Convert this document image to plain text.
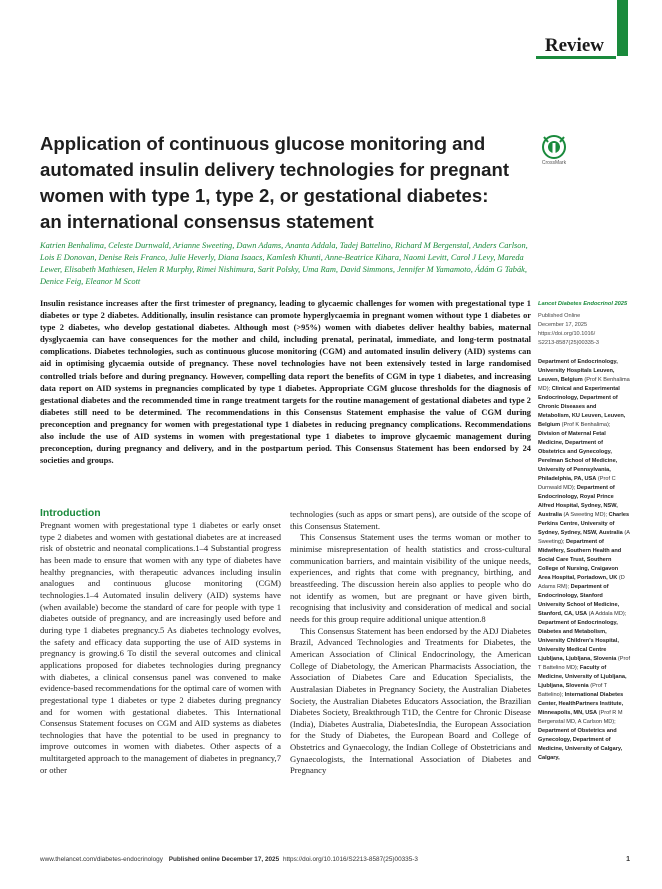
Review
Application of continuous glucose monitoring and automated insulin delivery technologies for pregnant women with type 1, type 2, or gestational diabetes: an international consensus statement
CrossMark
Katrien Benhalima, Celeste Durnwald, Arianne Sweeting, Dawn Adams, Ananta Addala, Tadej Battelino, Richard M Bergenstal, Anders Carlson, Lois E Donovan, Denise Reis Franco, Julie Heverly, Diana Isaacs, Kamlesh Khunti, Anne-Beatrice Kihara, Naomi Levitt, Carol J Levy, Mareda Lewer, Elisabeth Mathiesen, Helen R Murphy, Rimei Nishimura, Sarit Polsky, Uma Ram, David Simmons, Jennifer M Yamamoto, Ádám G Tabák, Denice Feig, Eleanor M Scott
Insulin resistance increases after the first trimester of pregnancy, leading to glycaemic challenges for women with pregestational type 1 diabetes or type 2 diabetes. Additionally, insulin resistance can promote hyperglycaemia in pregnant women without type 1 diabetes or type 2 diabetes, who develop gestational diabetes. Although most (>95%) women with diabetes deliver healthy babies, maternal dysglycaemia can have consequences for the mother and child, including prenatal, perinatal, immediate, and long-term postnatal complications. Diabetes technologies, such as continuous glucose monitoring (CGM) and automated insulin delivery (AID) systems can aid in optimising glycaemia outside of pregnancy. These novel technologies have not been extensively tested in large randomised controlled trials before and during pregnancy. However, compelling data report the benefits of CGM in type 1 diabetes, and increasing data report on AID systems in pregnancies complicated by type 1 diabetes. Appropriate CGM glucose thresholds for the diagnosis of gestational diabetes and the recommended time in range treatment targets for the routine management of gestational diabetes and type 2 diabetes still need to be determined. The recommendations in this Consensus Statement emphasise the value of CGM during preconception and pregnancy for women with pregestational type 1 diabetes in reducing pregnancy complications. Recommendations also include the use of AID systems in women with pregestational type 1 diabetes to improve glycaemic management during preconception, during pregnancy and delivery, and in the postpartum period. This Consensus Statement has been endorsed by 24 societies and groups.
Lancet Diabetes Endocrinol 2025
Published Online
December 17, 2025
https://doi.org/10.1016/
S2213-8587(25)00335-3
Department of Endocrinology, University Hospitals Leuven, Leuven, Belgium (Prof K Benhalima MD); Clinical and Experimental Endocrinology, Department of Chronic Diseases and Metabolism, KU Leuven, Leuven, Belgium (Prof K Benhalima); Division of Maternal Fetal Medicine, Department of Obstetrics and Gynecology, Perelman School of Medicine, University of Pennsylvania, Philadelphia, PA, USA (Prof C Durnwald MD); Department of Endocrinology, Royal Prince Alfred Hospital, Sydney, NSW, Australia (A Sweeting MD); Charles Perkins Centre, University of Sydney, Sydney, NSW, Australia (A Sweeting); Department of Midwifery, Southern Health and Social Care Trust, Southern College of Nursing, Craigavon Area Hospital, Portadown, UK (D Adams RM); Department of Endocrinology, Stanford University School of Medicine, Stanford, CA, USA (A Addala MD); Department of Endocrinology, Diabetes and Metabolism, University Children's Hospital, University Medical Centre Ljubljana, Ljubljana, Slovenia (Prof T Battelino MD); Faculty of Medicine, University of Ljubljana, Ljubljana, Slovenia (Prof T Battelino); International Diabetes Center, HealthPartners Institute, Minneapolis, MN, USA (Prof R M Bergenstal MD, A Carlson MD); Department of Obstetrics and Gynecology, Department of Medicine, University of Calgary, Calgary,
Introduction

Pregnant women with pregestational type 1 diabetes or early onset type 2 diabetes and women with gestational diabetes are at increased risk of obstetric and neonatal complications.1–4 Substantial progress has been made to ensure that women with any type of diabetes have healthy pregnancies, with therapeutic advances including insulin analogues and continuous glucose monitoring (CGM) technologies.1–4 Automated insulin delivery (AID) systems have (when available) become the standard of care for people with type 1 diabetes outside of pregnancy, and are increasingly used before and during type 1 diabetes pregnancy.5 As diabetes technology evolves, the safety and efficacy data supporting the use of AID systems in pregnancy is growing.6 To distil the several outcomes and clinical applications proposed for diabetes technologies during pregnancy with diabetes, a clinical consensus panel was convened to make evidence-based recommendations for the optimal care of women with pregestational type 1 diabetes or type 2 diabetes during pregnancy and for women with gestational diabetes. This International Consensus Statement focuses on CGM and AID systems as diabetes technologies that have the potential to be used in pregnancy to improve outcomes in women with diabetes. Other aspects of a multitargeted approach to the management of diabetes in pregnancy,7 or other

technologies (such as apps or smart pens), are outside of the scope of this Consensus Statement.

This Consensus Statement uses the terms woman or mother to minimise misrepresentation of health statistics and cross-cultural communication barriers, and maintain visibility of the unique needs, experiences, and rights that come with pregnancy, birthing, and breastfeeding. The discussion herein also applies to people who do not identify as women, but are pregnant or have given birth, recognising that inclusivity and consideration of medical and social needs for this group require additional unique attention.8

This Consensus Statement has been endorsed by the ADJ Diabetes Brazil, Advanced Technologies and Treatments for Diabetes, the American Association of Clinical Endocrinology, the American College of Diabetology, the American Pharmacists Association, the Association of Diabetes Care and Education Specialists, the Australasian Diabetes in Pregnancy Society, the Australian Diabetes Society, the Australian Diabetes Educators Association, the Brazilian Diabetes Society, Breakthrough T1D, the Centre for Chronic Disease (India), Diabetes Australia, DiabetesIndia, the European Association for the Study of Diabetes, the European Board and College of Obstetrics and Gynaecology, the Indian College of Obstetricians and Gynaecologists, the International Association of Diabetes and Pregnancy

www.thelancet.com/diabetes-endocrinology Published online December 17, 2025 https://doi.org/10.1016/S2213-8587(25)00335-3	1
